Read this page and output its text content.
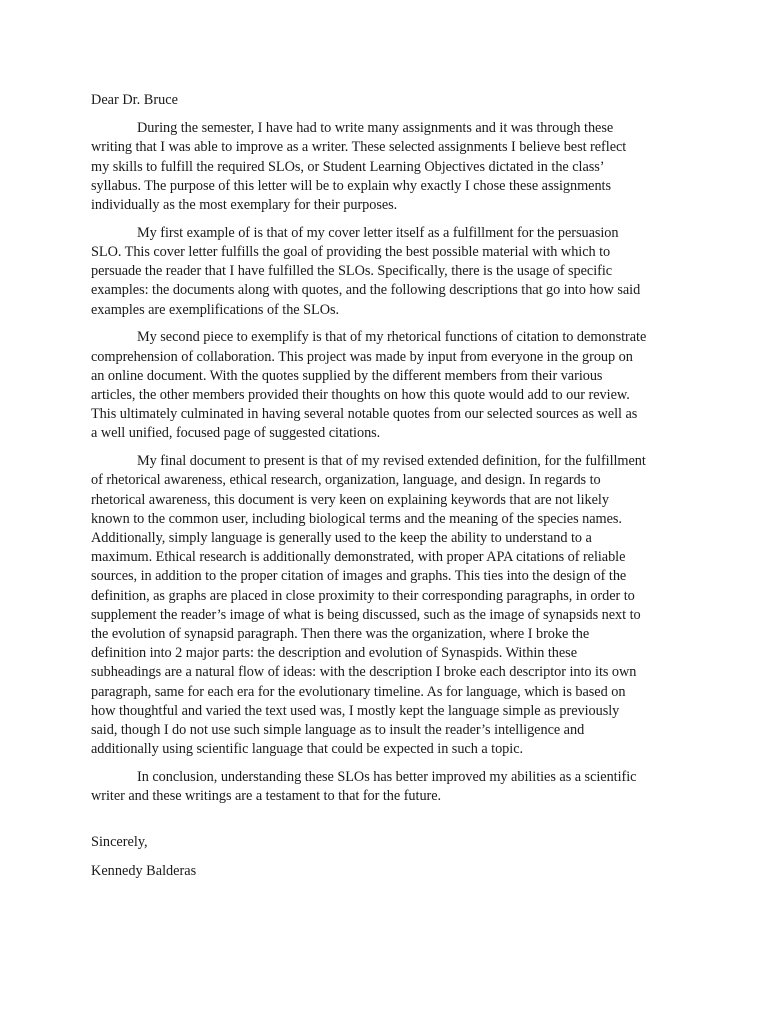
Dear Dr. Bruce
During the semester, I have had to write many assignments and it was through these
writing that I was able to improve as a writer. These selected assignments I believe best reflect
my skills to fulfill the required SLOs, or Student Learning Objectives dictated in the class’
syllabus. The purpose of this letter will be to explain why exactly I chose these assignments
individually as the most exemplary for their purposes.
My first example of is that of my cover letter itself as a fulfillment for the persuasion
SLO. This cover letter fulfills the goal of providing the best possible material with which to
persuade the reader that I have fulfilled the SLOs. Specifically, there is the usage of specific
examples: the documents along with quotes, and the following descriptions that go into how said
examples are exemplifications of the SLOs.
My second piece to exemplify is that of my rhetorical functions of citation to demonstrate
comprehension of collaboration. This project was made by input from everyone in the group on
an online document. With the quotes supplied by the different members from their various
articles, the other members provided their thoughts on how this quote would add to our review.
This ultimately culminated in having several notable quotes from our selected sources as well as
a well unified, focused page of suggested citations.
My final document to present is that of my revised extended definition, for the fulfillment
of rhetorical awareness, ethical research, organization, language, and design. In regards to
rhetorical awareness, this document is very keen on explaining keywords that are not likely
known to the common user, including biological terms and the meaning of the species names.
Additionally, simply language is generally used to the keep the ability to understand to a
maximum. Ethical research is additionally demonstrated, with proper APA citations of reliable
sources, in addition to the proper citation of images and graphs. This ties into the design of the
definition, as graphs are placed in close proximity to their corresponding paragraphs, in order to
supplement the reader’s image of what is being discussed, such as the image of synapsids next to
the evolution of synapsid paragraph. Then there was the organization, where I broke the
definition into 2 major parts: the description and evolution of Synaspids. Within these
subheadings are a natural flow of ideas: with the description I broke each descriptor into its own
paragraph, same for each era for the evolutionary timeline. As for language, which is based on
how thoughtful and varied the text used was, I mostly kept the language simple as previously
said, though I do not use such simple language as to insult the reader’s intelligence and
additionally using scientific language that could be expected in such a topic.
In conclusion, understanding these SLOs has better improved my abilities as a scientific
writer and these writings are a testament to that for the future.
Sincerely,
Kennedy Balderas
